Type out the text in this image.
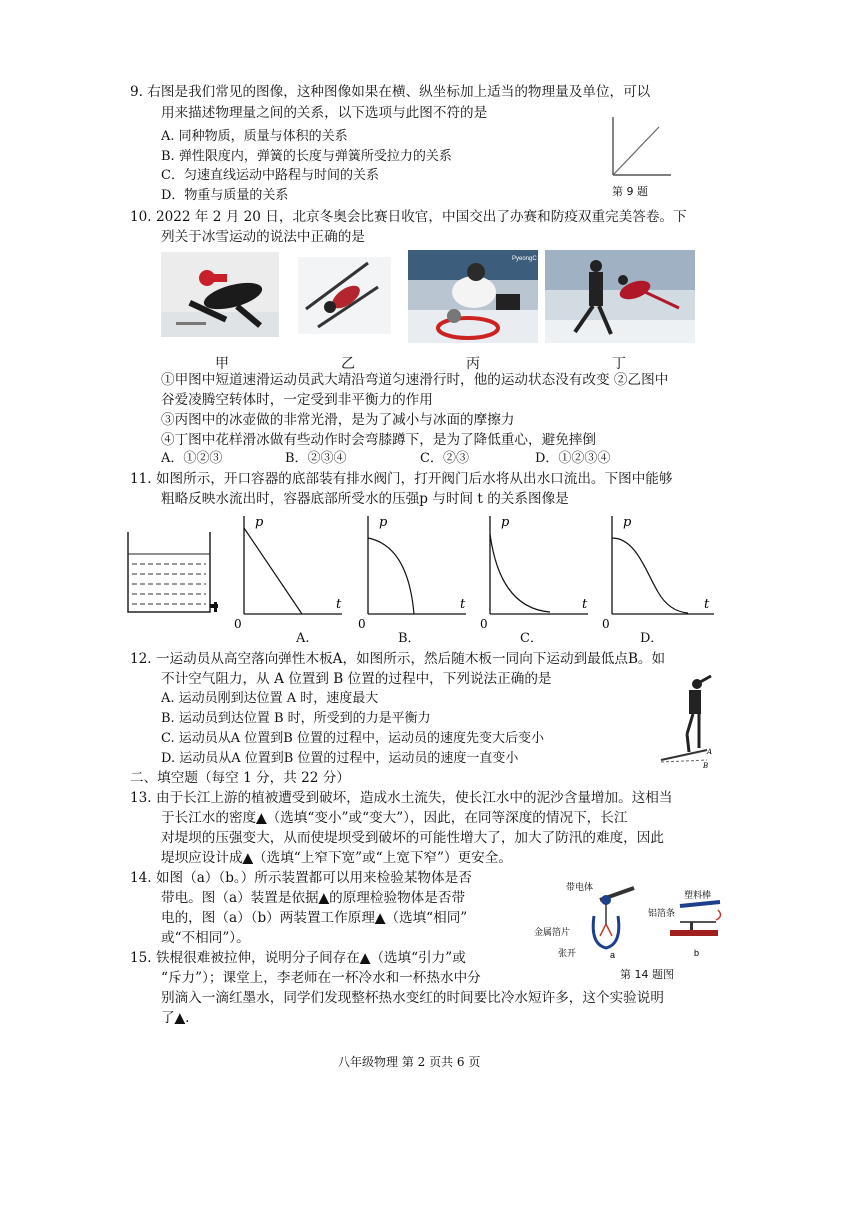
9. 右图是我们常见的图像，这种图像如果在横、纵坐标加上适当的物理量及单位，可以
用来描述物理量之间的关系，以下选项与此图不符的是
A. 同种物质，质量与体积的关系
B. 弹性限度内，弹簧的长度与弹簧所受拉力的关系
C．匀速直线运动中路程与时间的关系
D．物重与质量的关系	第 9 题
10. 2022 年 2 月 20 日，北京冬奥会比赛日收官，中国交出了办赛和防疫双重完美答卷。下
列关于冰雪运动的说法中正确的是
甲	乙
PyeongC
丙	丁
①甲图中短道速滑运动员武大靖沿弯道匀速滑行时，他的运动状态没有改变 ②乙图中
谷爱凌腾空转体时，一定受到非平衡力的作用
③丙图中的冰壶做的非常光滑，是为了减小与冰面的摩擦力
④丁图中花样滑冰做有些动作时会弯膝蹲下，是为了降低重心，避免摔倒
A．①②③	B．②③④	C．②③	D．①②③④
11. 如图所示，开口容器的底部装有排水阀门，打开阀门后水将从出水口流出。下图中能够
粗略反映水流出时，容器底部所受水的压强p 与时间 t 的关系图像是
p
t
0
A.
p
t
0
B．
p
t
0
C．
p
t
0
D．
12. 一运动员从高空落向弹性木板A，如图所示，然后随木板一同向下运动到最低点B。如
不计空气阻力，从 A 位置到 B 位置的过程中，下列说法正确的是
A. 运动员刚到达位置 A 时，速度最大
B. 运动员到达位置 B 时，所受到的力是平衡力
C. 运动员从A 位置到B 位置的过程中，运动员的速度先变大后变小
D. 运动员从A 位置到B 位置的过程中，运动员的速度一直变小	A
B
二、填空题（每空 1 分，共 22 分）
13. 由于长江上游的植被遭受到破坏，造成水土流失，使长江水中的泥沙含量增加。这相当
于长江水的密度▲（选填“变小”或“变大”），因此，在同等深度的情况下，长江
对堤坝的压强变大，从而使堤坝受到破坏的可能性增大了，加大了防汛的难度，因此
堤坝应设计成▲（选填“上窄下宽”或“上宽下窄”）更安全。
14. 如图（a）（b。）所示装置都可以用来检验某物体是否
带电。图（a）装置是依据▲的原理检验物体是否带
电的，图（a）（b）两装置工作原理▲（选填“相同”
或“不相同”）。
带电体
金属箔片
张开	a
塑料棒
铝箔条
b
第 14 题图
15. 铁棍很难被拉伸，说明分子间存在▲（选填“引力”或
“斥力”）；课堂上，李老师在一杯冷水和一杯热水中分
别滴入一滴红墨水，同学们发现整杯热水变红的时间要比冷水短许多，这个实验说明
了▲.
八年级物理 第 2 页共 6 页
